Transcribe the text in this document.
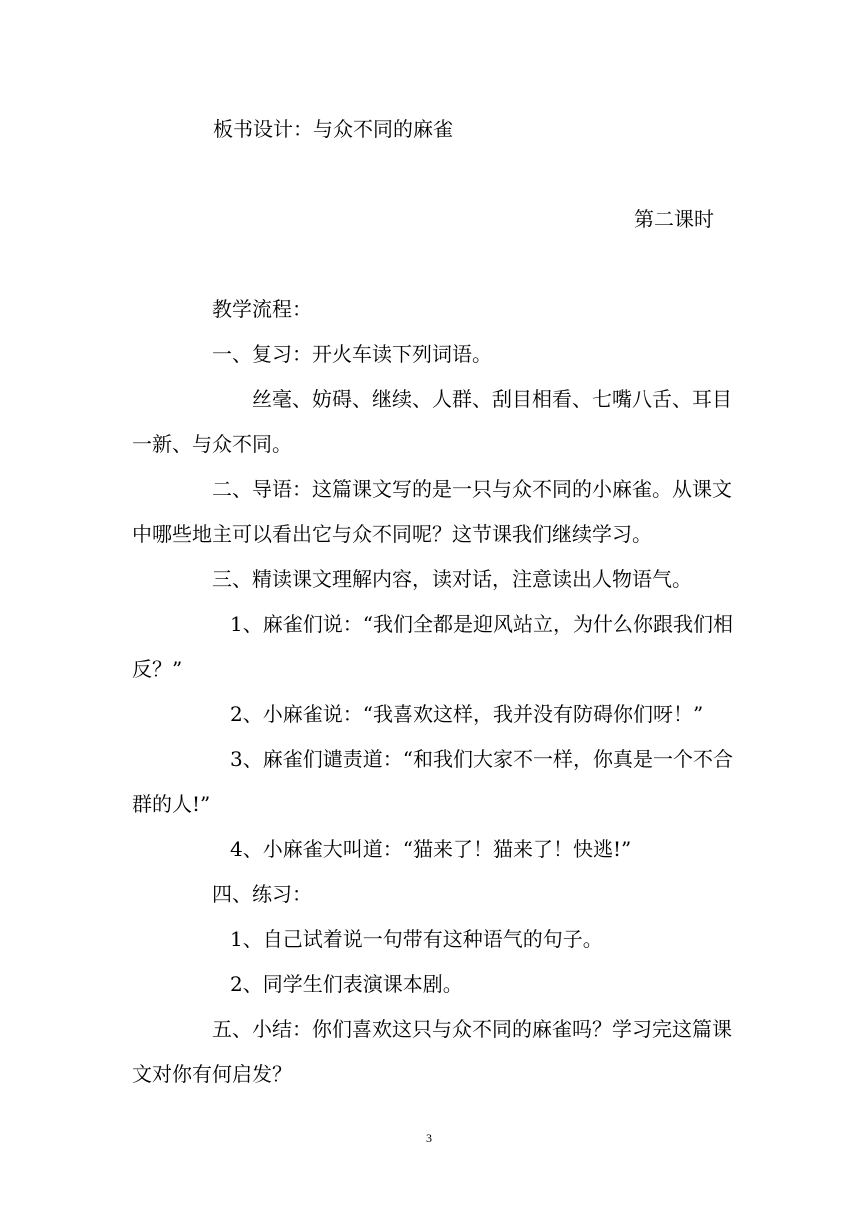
板书设计：与众不同的麻雀
第二课时
教学流程：
一、复习：开火车读下列词语。
丝毫、妨碍、继续、人群、刮目相看、七嘴八舌、耳目
一新、与众不同。
二、导语：这篇课文写的是一只与众不同的小麻雀。从课文
中哪些地主可以看出它与众不同呢？这节课我们继续学习。
三、精读课文理解内容，读对话，注意读出人物语气。
1、麻雀们说：“我们全都是迎风站立，为什么你跟我们相
反？”
2、小麻雀说：“我喜欢这样，我并没有防碍你们呀！”
3、麻雀们谴责道：“和我们大家不一样，你真是一个不合
群的人!”
4、小麻雀大叫道：“猫来了！猫来了！快逃!”
四、练习：
1、自己试着说一句带有这种语气的句子。
2、同学生们表演课本剧。
五、小结：你们喜欢这只与众不同的麻雀吗？学习完这篇课
文对你有何启发？
3
